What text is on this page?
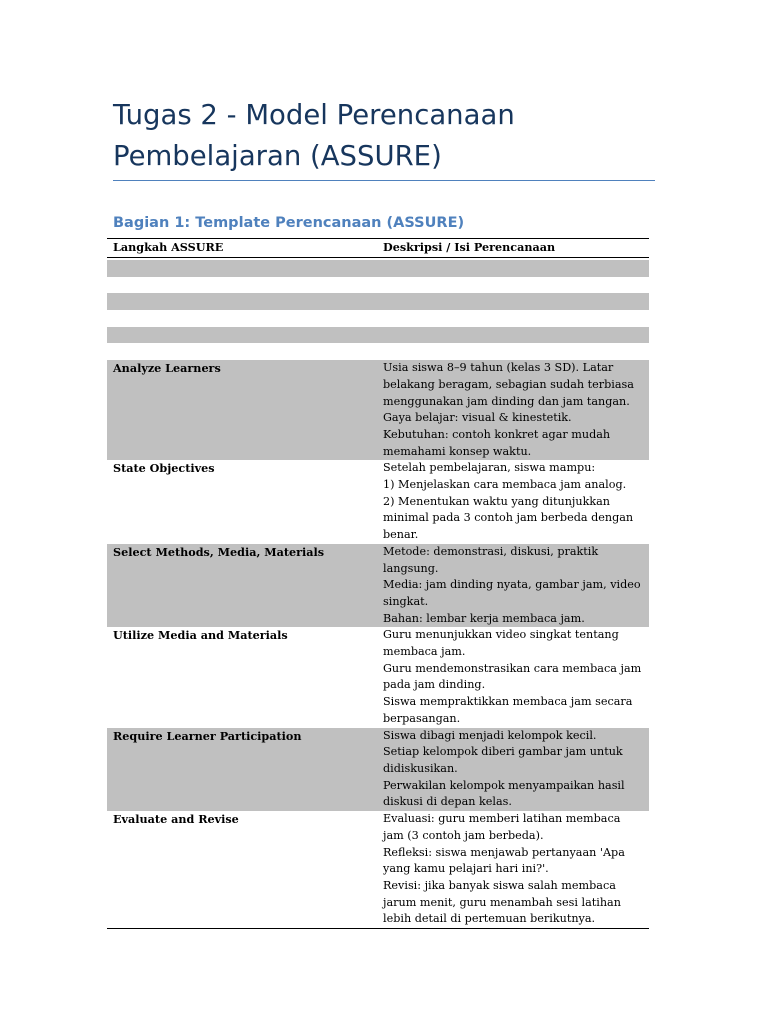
Tugas 2 - Model Perencanaan Pembelajaran (ASSURE)
Bagian 1: Template Perencanaan (ASSURE)
Langkah ASSURE	Deskripsi / Isi Perencanaan

Analyze Learners	Usia siswa 8–9 tahun (kelas 3 SD). Latar belakang beragam, sebagian sudah terbiasa menggunakan jam dinding dan jam tangan.
Gaya belajar: visual & kinestetik.
Kebutuhan: contoh konkret agar mudah memahami konsep waktu.
State Objectives	Setelah pembelajaran, siswa mampu:
1) Menjelaskan cara membaca jam analog.
2) Menentukan waktu yang ditunjukkan minimal pada 3 contoh jam berbeda dengan benar.
Select Methods, Media, Materials	Metode: demonstrasi, diskusi, praktik langsung.
Media: jam dinding nyata, gambar jam, video singkat.
Bahan: lembar kerja membaca jam.
Utilize Media and Materials	Guru menunjukkan video singkat tentang membaca jam.
Guru mendemonstrasikan cara membaca jam pada jam dinding.
Siswa mempraktikkan membaca jam secara berpasangan.
Require Learner Participation	Siswa dibagi menjadi kelompok kecil.
Setiap kelompok diberi gambar jam untuk didiskusikan.
Perwakilan kelompok menyampaikan hasil diskusi di depan kelas.
Evaluate and Revise	Evaluasi: guru memberi latihan membaca jam (3 contoh jam berbeda).
Refleksi: siswa menjawab pertanyaan 'Apa yang kamu pelajari hari ini?'.
Revisi: jika banyak siswa salah membaca jarum menit, guru menambah sesi latihan lebih detail di pertemuan berikutnya.
